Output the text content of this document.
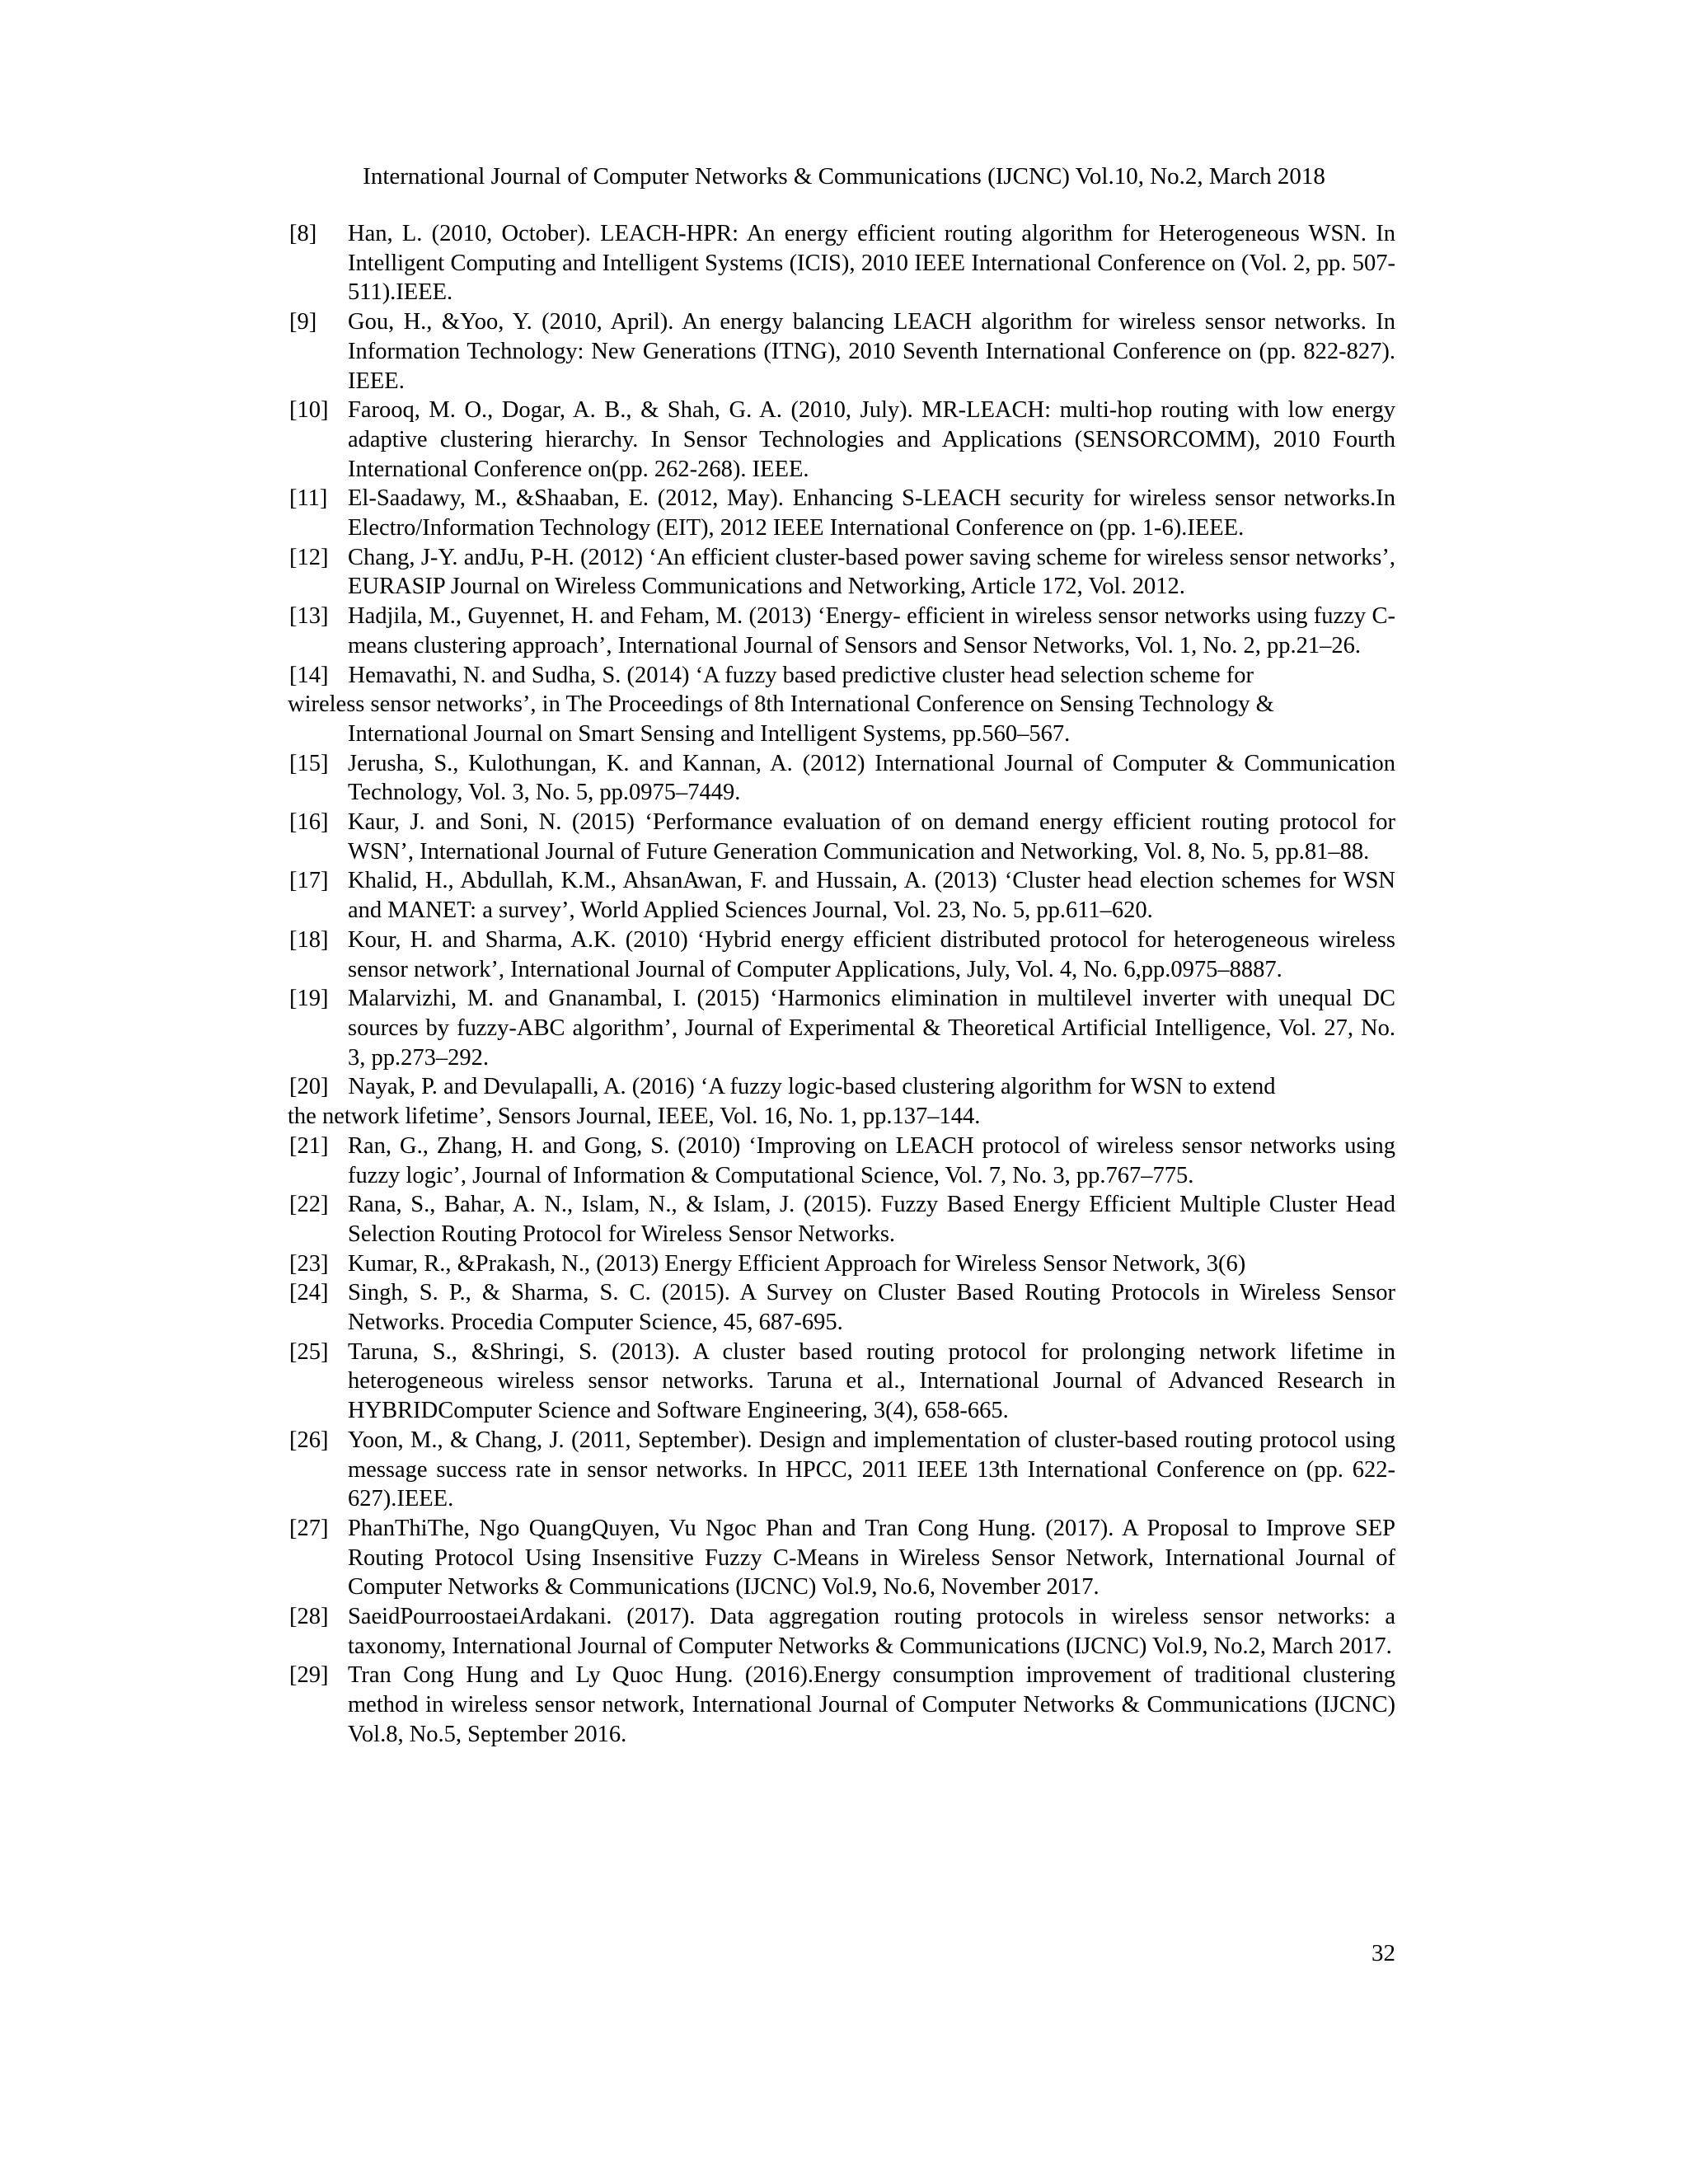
International Journal of Computer Networks & Communications (IJCNC) Vol.10, No.2, March 2018
[8] Han, L. (2010, October). LEACH-HPR: An energy efficient routing algorithm for Heterogeneous WSN. In Intelligent Computing and Intelligent Systems (ICIS), 2010 IEEE International Conference on (Vol. 2, pp. 507-511).IEEE.
[9] Gou, H., &Yoo, Y. (2010, April). An energy balancing LEACH algorithm for wireless sensor networks. In Information Technology: New Generations (ITNG), 2010 Seventh International Conference on (pp. 822-827). IEEE.
[10] Farooq, M. O., Dogar, A. B., & Shah, G. A. (2010, July). MR-LEACH: multi-hop routing with low energy adaptive clustering hierarchy. In Sensor Technologies and Applications (SENSORCOMM), 2010 Fourth International Conference on(pp. 262-268). IEEE.
[11] El-Saadawy, M., &Shaaban, E. (2012, May). Enhancing S-LEACH security for wireless sensor networks.In Electro/Information Technology (EIT), 2012 IEEE International Conference on (pp. 1-6).IEEE.
[12] Chang, J-Y. andJu, P-H. (2012) ‘An efficient cluster-based power saving scheme for wireless sensor networks’, EURASIP Journal on Wireless Communications and Networking, Article 172, Vol. 2012.
[13] Hadjila, M., Guyennet, H. and Feham, M. (2013) ‘Energy- efficient in wireless sensor networks using fuzzy C-means clustering approach’, International Journal of Sensors and Sensor Networks, Vol. 1, No. 2, pp.21–26.
[14] Hemavathi, N. and Sudha, S. (2014) ‘A fuzzy based predictive cluster head selection scheme for
wireless sensor networks’, in The Proceedings of 8th International Conference on Sensing Technology &
International Journal on Smart Sensing and Intelligent Systems, pp.560–567.
[15] Jerusha, S., Kulothungan, K. and Kannan, A. (2012) International Journal of Computer & Communication Technology, Vol. 3, No. 5, pp.0975–7449.
[16] Kaur, J. and Soni, N. (2015) ‘Performance evaluation of on demand energy efficient routing protocol for WSN’, International Journal of Future Generation Communication and Networking, Vol. 8, No. 5, pp.81–88.
[17] Khalid, H., Abdullah, K.M., AhsanAwan, F. and Hussain, A. (2013) ‘Cluster head election schemes for WSN and MANET: a survey’, World Applied Sciences Journal, Vol. 23, No. 5, pp.611–620.
[18] Kour, H. and Sharma, A.K. (2010) ‘Hybrid energy efficient distributed protocol for heterogeneous wireless sensor network’, International Journal of Computer Applications, July, Vol. 4, No. 6,pp.0975–8887.
[19] Malarvizhi, M. and Gnanambal, I. (2015) ‘Harmonics elimination in multilevel inverter with unequal DC sources by fuzzy-ABC algorithm’, Journal of Experimental & Theoretical Artificial Intelligence, Vol. 27, No. 3, pp.273–292.
[20] Nayak, P. and Devulapalli, A. (2016) ‘A fuzzy logic-based clustering algorithm for WSN to extend
the network lifetime’, Sensors Journal, IEEE, Vol. 16, No. 1, pp.137–144.
[21] Ran, G., Zhang, H. and Gong, S. (2010) ‘Improving on LEACH protocol of wireless sensor networks using fuzzy logic’, Journal of Information & Computational Science, Vol. 7, No. 3, pp.767–775.
[22] Rana, S., Bahar, A. N., Islam, N., & Islam, J. (2015). Fuzzy Based Energy Efficient Multiple Cluster Head Selection Routing Protocol for Wireless Sensor Networks.
[23] Kumar, R., &Prakash, N., (2013) Energy Efficient Approach for Wireless Sensor Network, 3(6)
[24] Singh, S. P., & Sharma, S. C. (2015). A Survey on Cluster Based Routing Protocols in Wireless Sensor Networks. Procedia Computer Science, 45, 687-695.
[25] Taruna, S., &Shringi, S. (2013). A cluster based routing protocol for prolonging network lifetime in heterogeneous wireless sensor networks. Taruna et al., International Journal of Advanced Research in HYBRIDComputer Science and Software Engineering, 3(4), 658-665.
[26] Yoon, M., & Chang, J. (2011, September). Design and implementation of cluster-based routing protocol using message success rate in sensor networks. In HPCC, 2011 IEEE 13th International Conference on (pp. 622-627).IEEE.
[27] PhanThiThe, Ngo QuangQuyen, Vu Ngoc Phan and Tran Cong Hung. (2017). A Proposal to Improve SEP Routing Protocol Using Insensitive Fuzzy C-Means in Wireless Sensor Network, International Journal of Computer Networks & Communications (IJCNC) Vol.9, No.6, November 2017.
[28] SaeidPourroostaeiArdakani. (2017). Data aggregation routing protocols in wireless sensor networks: a taxonomy, International Journal of Computer Networks & Communications (IJCNC) Vol.9, No.2, March 2017.
[29] Tran Cong Hung and Ly Quoc Hung. (2016).Energy consumption improvement of traditional clustering method in wireless sensor network, International Journal of Computer Networks & Communications (IJCNC) Vol.8, No.5, September 2016.
32
